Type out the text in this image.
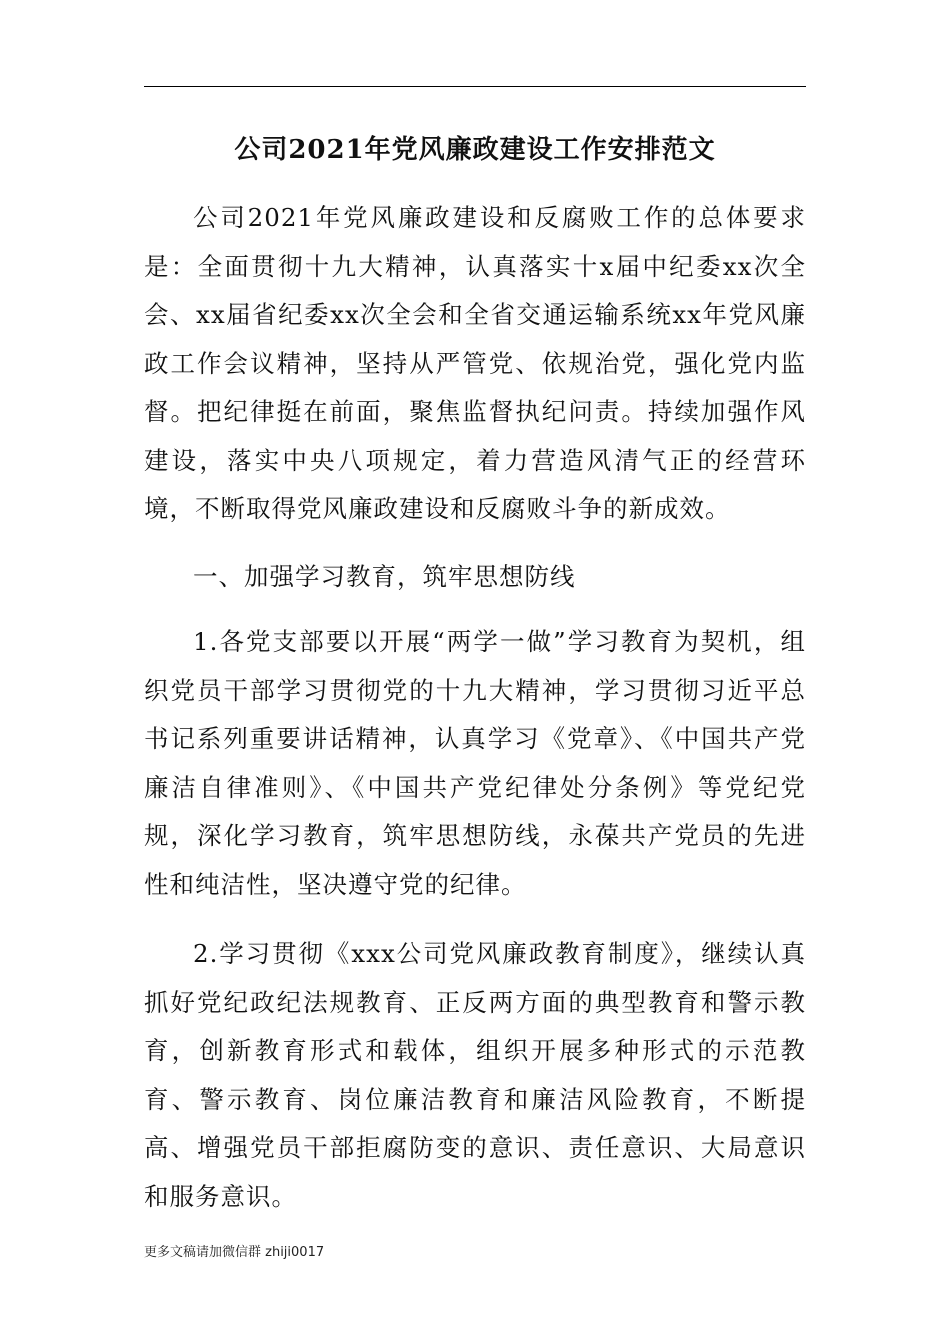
公司2021年党风廉政建设工作安排范文

公司2021年党风廉政建设和反腐败工作的总体要求是：全面贯彻十九大精神，认真落实十x届中纪委xx次全会、xx届省纪委xx次全会和全省交通运输系统xx年党风廉政工作会议精神，坚持从严管党、依规治党，强化党内监督。把纪律挺在前面，聚焦监督执纪问责。持续加强作风建设，落实中央八项规定，着力营造风清气正的经营环境，不断取得党风廉政建设和反腐败斗争的新成效。

一、加强学习教育，筑牢思想防线

1.各党支部要以开展“两学一做”学习教育为契机，组织党员干部学习贯彻党的十九大精神，学习贯彻习近平总书记系列重要讲话精神，认真学习《党章》、《中国共产党廉洁自律准则》、《中国共产党纪律处分条例》等党纪党规，深化学习教育，筑牢思想防线，永葆共产党员的先进性和纯洁性，坚决遵守党的纪律。

2.学习贯彻《xxx公司党风廉政教育制度》，继续认真抓好党纪政纪法规教育、正反两方面的典型教育和警示教育，创新教育形式和载体，组织开展多种形式的示范教育、警示教育、岗位廉洁教育和廉洁风险教育，不断提高、增强党员干部拒腐防变的意识、责任意识、大局意识和服务意识。

更多文稿请加微信群 zhiji0017
